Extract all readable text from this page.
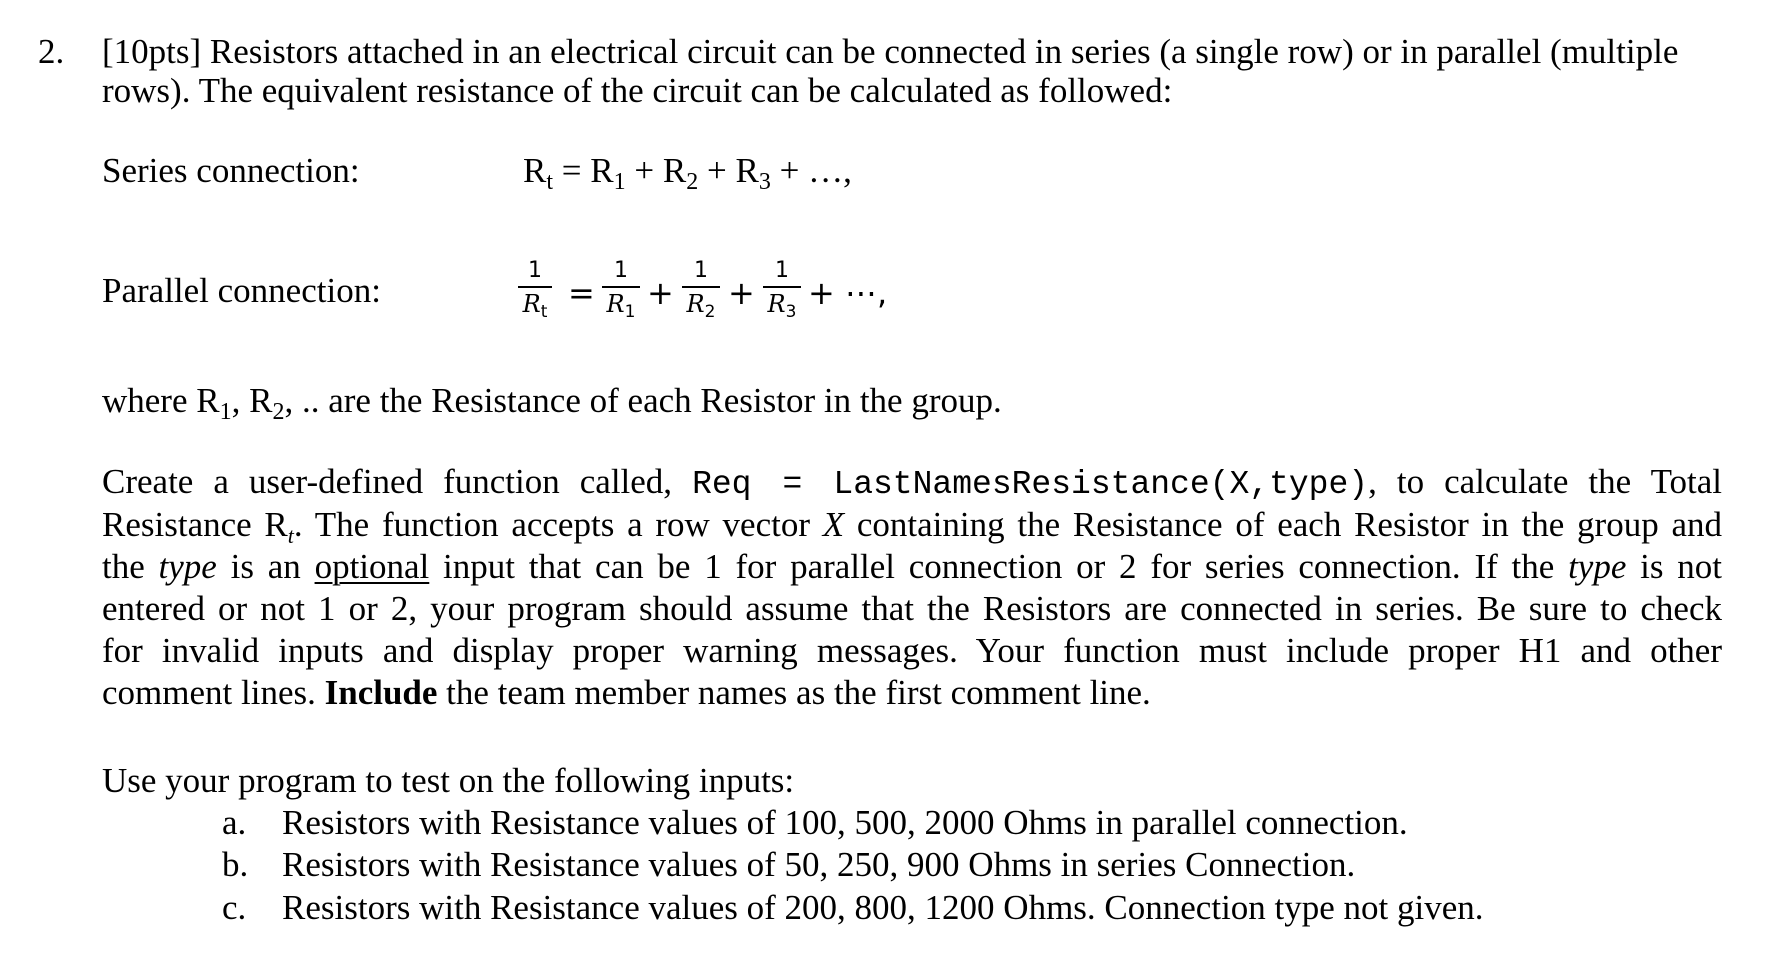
2. [10pts] Resistors attached in an electrical circuit can be connected in series (a single row) or in parallel (multiple
rows). The equivalent resistance of the circuit can be calculated as followed:
Series connection:	$R_t = R_1 + R_2 + R_3$ + …,
Parallel connection:
1
$R_t$ =
1
$R_1$ +
1
$R_2$ +
1
$R_3$ + ⋯,
where $R_1$, $R_2$, .. are the Resistance of each Resistor in the group.
Create a user-defined function called, Req = LastNamesResistance(X,type), to calculate the Total
Resistance $R_t$. The function accepts a row vector X containing the Resistance of each Resistor in the group and
the type is an optional input that can be 1 for parallel connection or 2 for series connection. If the type is not
entered or not 1 or 2, your program should assume that the Resistors are connected in series. Be sure to check
for invalid inputs and display proper warning messages. Your function must include proper H1 and other
comment lines. Include the team member names as the first comment line.
Use your program to test on the following inputs:
a. Resistors with Resistance values of 100, 500, 2000 Ohms in parallel connection.
b. Resistors with Resistance values of 50, 250, 900 Ohms in series Connection.
c. Resistors with Resistance values of 200, 800, 1200 Ohms. Connection type not given.
